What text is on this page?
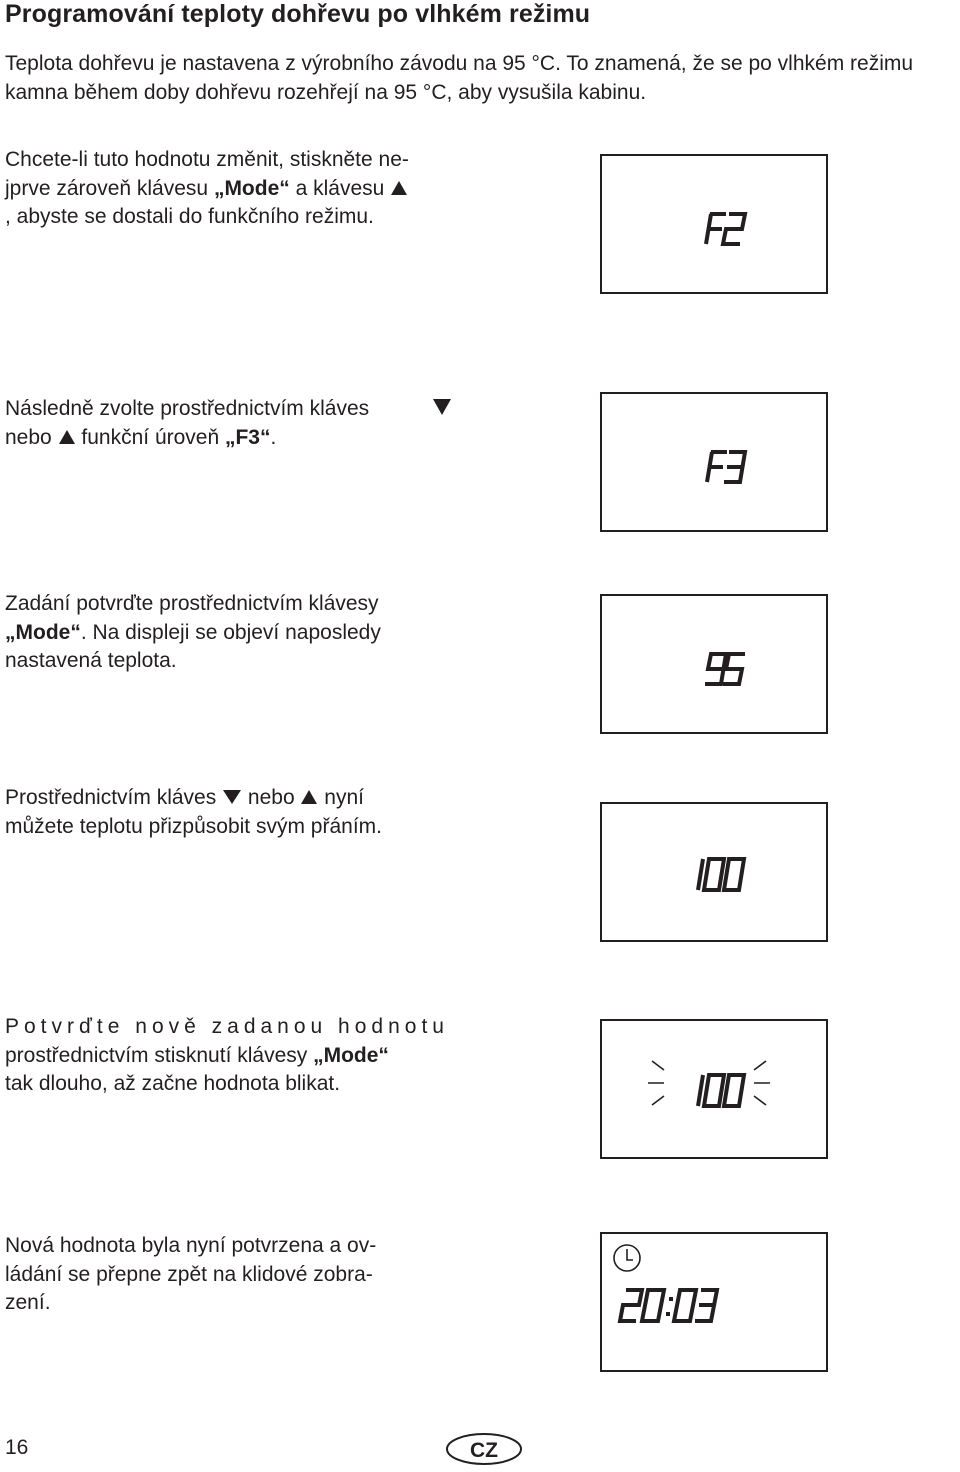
Programování teploty dohřevu po vlhkém režimu

Teplota dohřevu je nastavena z výrobního závodu na 95 °C. To znamená, že se po vlhkém režimu kamna během doby dohřevu rozehřejí na 95 °C, aby vysušila kabinu.

Chcete-li tuto hodnotu změnit, stiskněte ne-
jprve zároveň klávesu „Mode“ a klávesu
, abyste se dostali do funkčního režimu.

Následně zvolte prostřednictvím kláves
nebo  funkční úroveň „F3“.

Zadání potvrďte prostřednictvím klávesy
„Mode“. Na displeji se objeví naposledy
nastavená teplota.

Prostřednictvím kláves  nebo  nyní
můžete teplotu přizpůsobit svým přáním.

Potvrďte nově zadanou hodnotu
prostřednictvím stisknutí klávesy „Mode“
tak dlouho, až začne hodnota blikat.

Nová hodnota byla nyní potvrzena a ov-
ládání se přepne zpět na klidové zobra-
zení.

16	CZ
